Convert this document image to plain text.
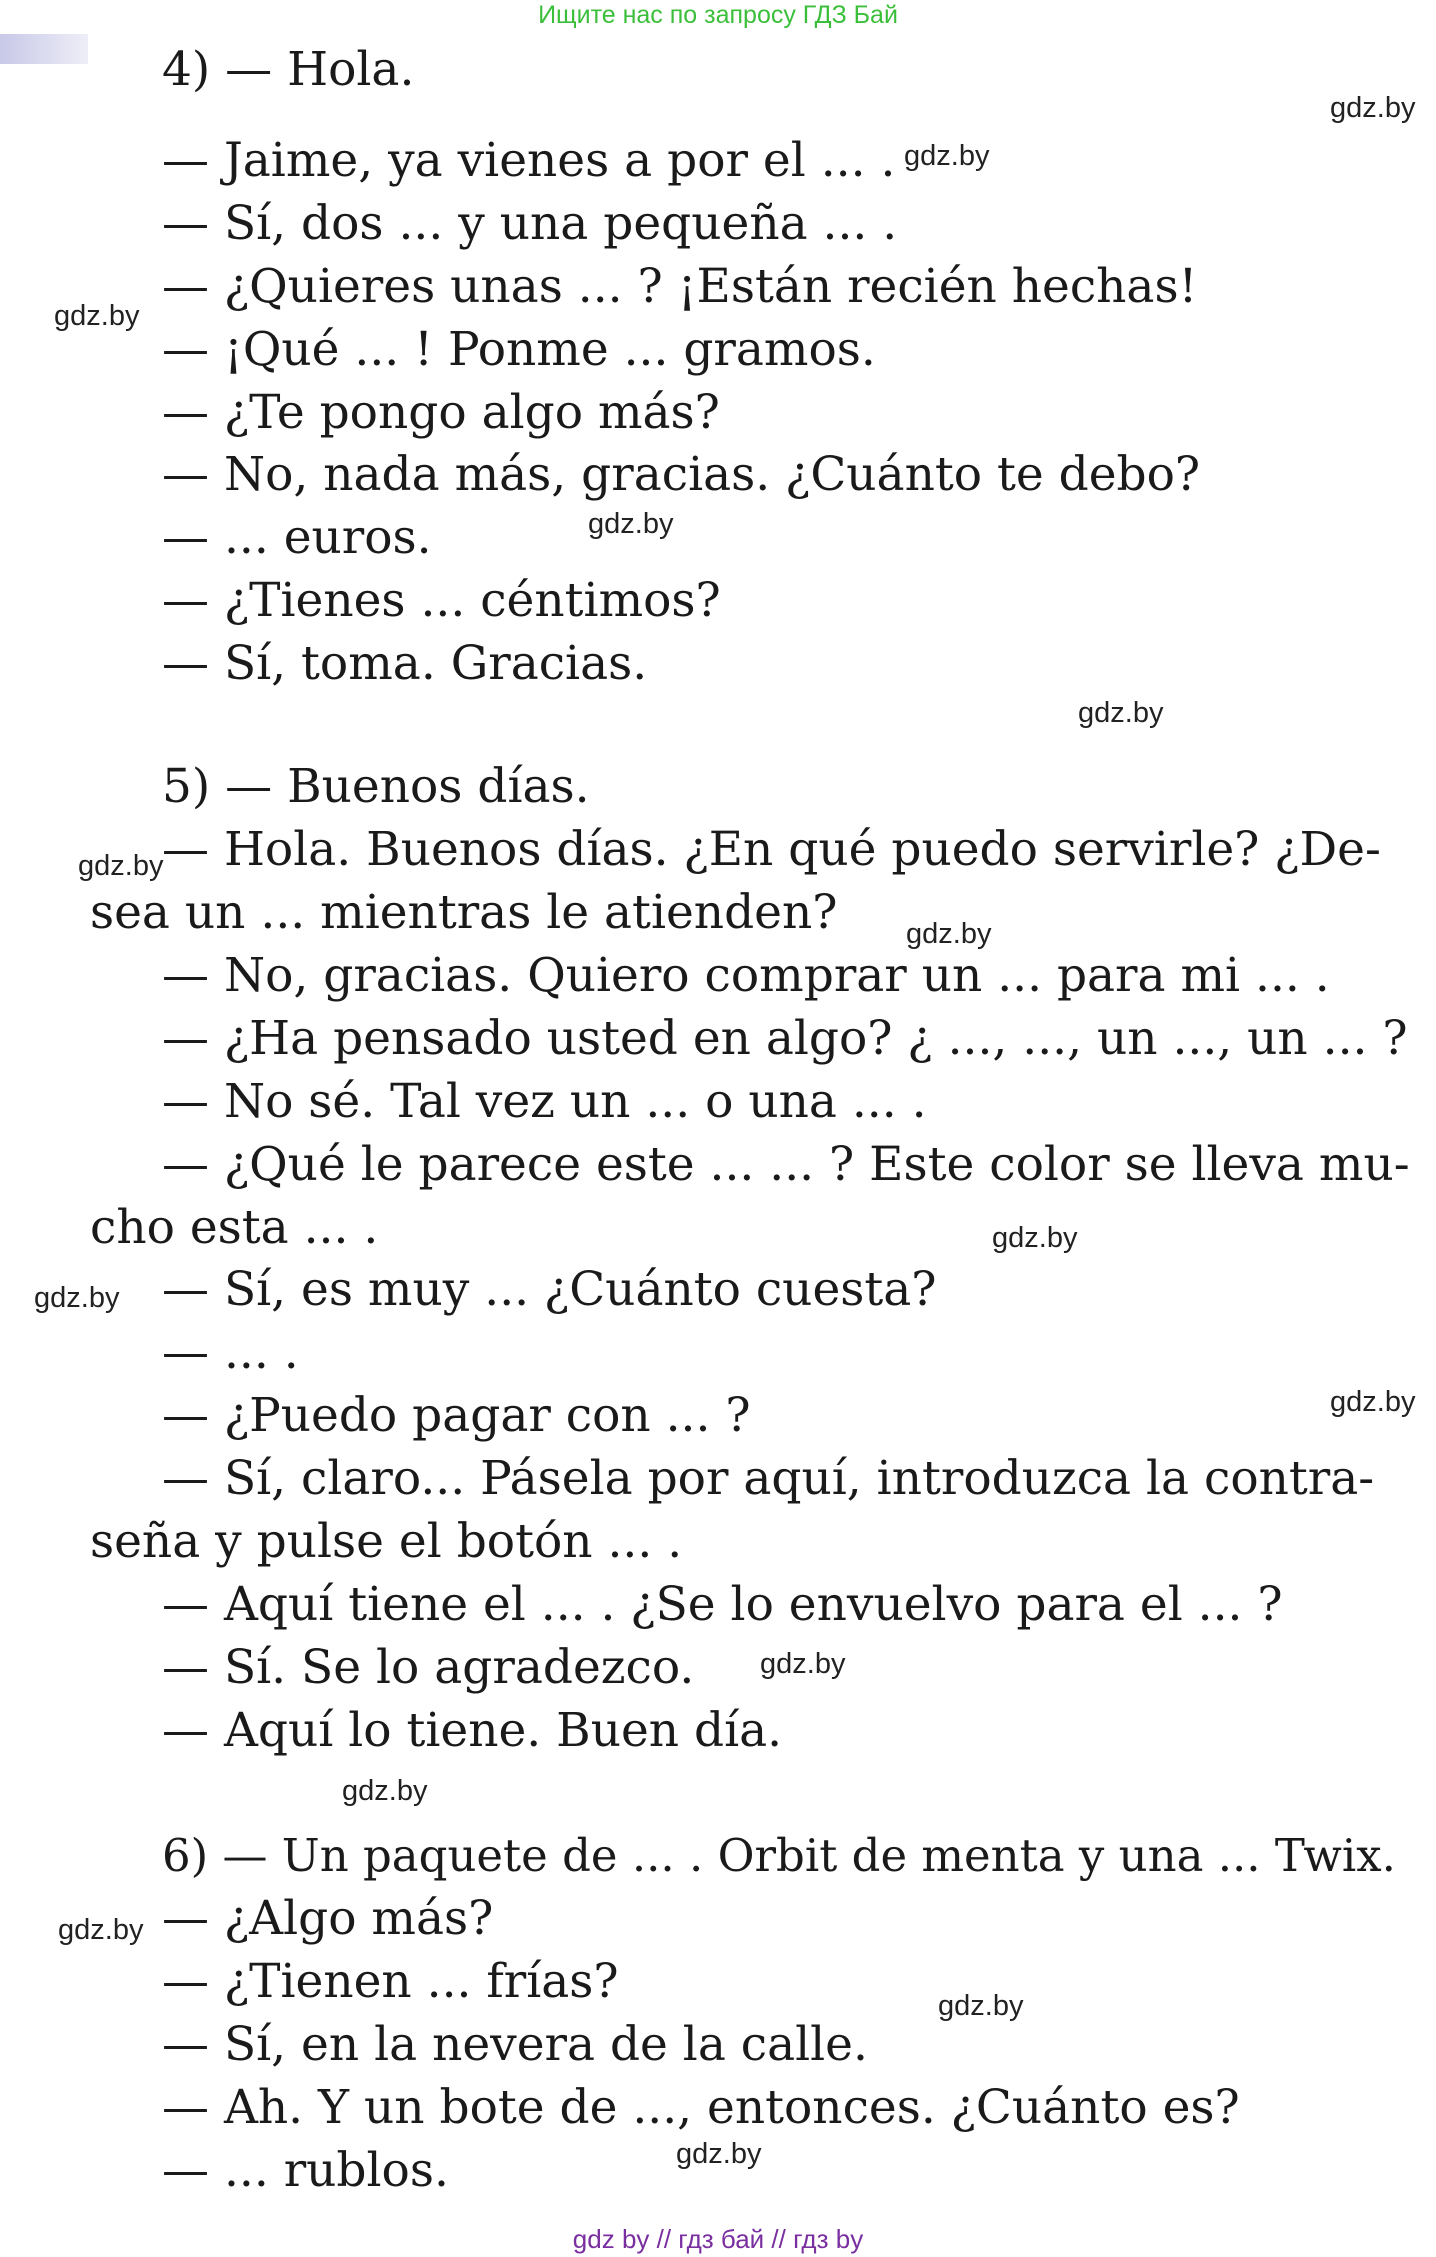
Ищите нас по запросу ГДЗ Бай
4) — Hola.
— Jaime, ya vienes a por el ... .
— Sí, dos ... y una pequeña ... .
— ¿Quieres unas ... ? ¡Están recién hechas!
— ¡Qué ... ! Ponme ... gramos.
— ¿Te pongo algo más?
— No, nada más, gracias. ¿Cuánto te debo?
— ... euros.
— ¿Tienes ... céntimos?
— Sí, toma. Gracias.
5) — Buenos días.
— Hola. Buenos días. ¿En qué puedo servirle? ¿De-
sea un ... mientras le atienden?
— No, gracias. Quiero comprar un ... para mi ... .
— ¿Ha pensado usted en algo? ¿ ..., ..., un ..., un ... ?
— No sé. Tal vez un ... o una ... .
— ¿Qué le parece este ... ... ? Este color se lleva mu-
cho esta ... .
— Sí, es muy ... ¿Cuánto cuesta?
— ... .
— ¿Puedo pagar con ... ?
— Sí, claro... Pásela por aquí, introduzca la contra-
seña y pulse el botón ... .
— Aquí tiene el ... . ¿Se lo envuelvo para el ... ?
— Sí. Se lo agradezco.
— Aquí lo tiene. Buen día.
6) — Un paquete de ... . Orbit de menta y una ... Twix.
— ¿Algo más?
— ¿Tienen ... frías?
— Sí, en la nevera de la calle.
— Ah. Y un bote de ..., entonces. ¿Cuánto es?
— ... rublos.
gdz.by
gdz.by
gdz.by
gdz.by
gdz.by
gdz.by
gdz.by
gdz.by
gdz.by
gdz.by
gdz.by
gdz.by
gdz.by
gdz.by
gdz.by
gdz by // гдз бай // гдз by
